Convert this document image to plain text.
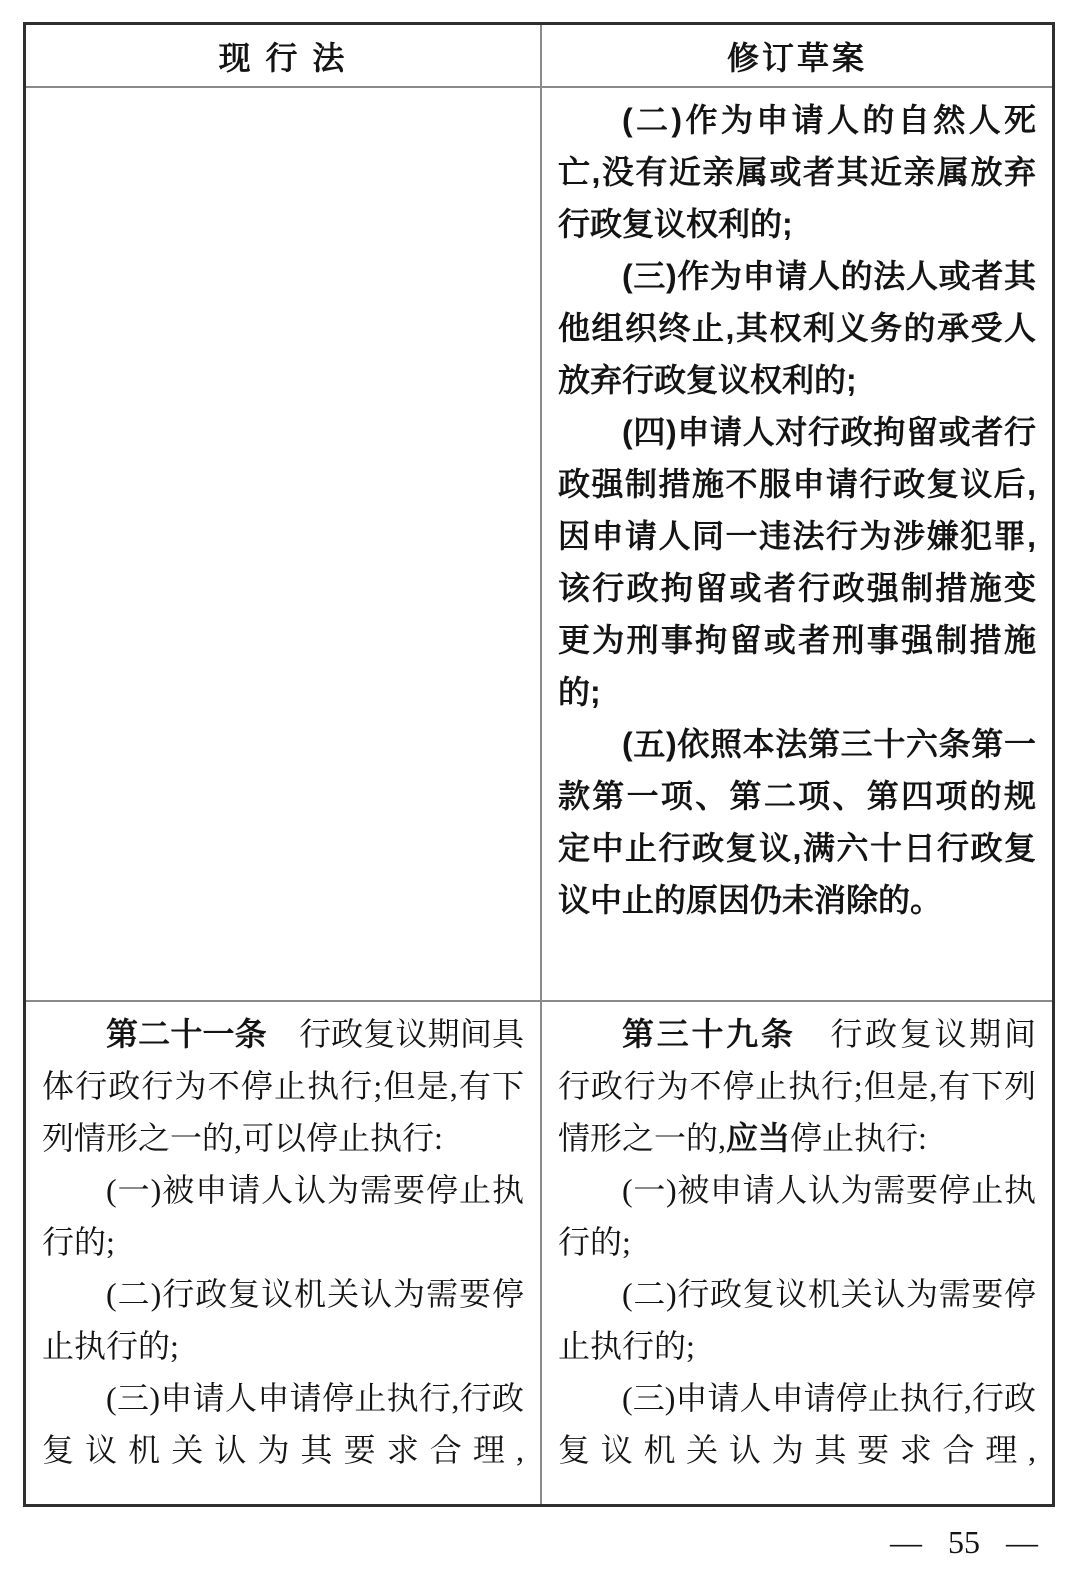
现 行 法	修订草案

(二)作为申请人的自然人死亡,没有近亲属或者其近亲属放弃行政复议权利的;

(三)作为申请人的法人或者其他组织终止,其权利义务的承受人放弃行政复议权利的;

(四)申请人对行政拘留或者行政强制措施不服申请行政复议后,因申请人同一违法行为涉嫌犯罪,该行政拘留或者行政强制措施变更为刑事拘留或者刑事强制措施的;

(五)依照本法第三十六条第一款第一项、第二项、第四项的规定中止行政复议,满六十日行政复议中止的原因仍未消除的。

第二十一条　行政复议期间具体行政行为不停止执行;但是,有下列情形之一的,可以停止执行:

(一)被申请人认为需要停止执行的;

(二)行政复议机关认为需要停止执行的;

(三)申请人申请停止执行,行政复议机关认为其要求合理,

第三十九条　行政复议期间行政行为不停止执行;但是,有下列情形之一的,应当停止执行:

(一)被申请人认为需要停止执行的;

(二)行政复议机关认为需要停止执行的;

(三)申请人申请停止执行,行政复议机关认为其要求合理,

— 55 —
